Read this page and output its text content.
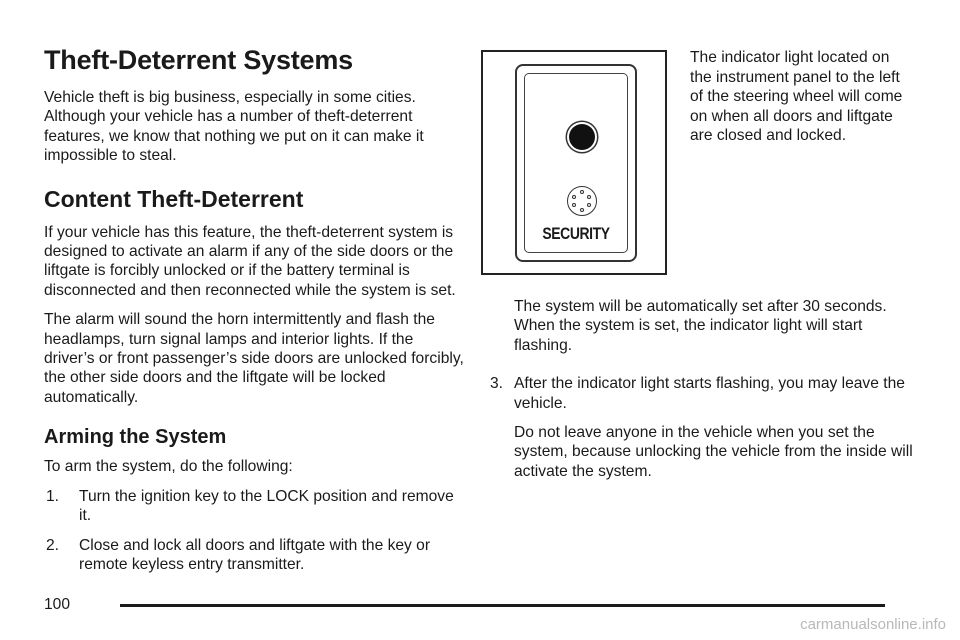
Theft-Deterrent Systems

Vehicle theft is big business, especially in some cities. Although your vehicle has a number of theft-deterrent features, we know that nothing we put on it can make it impossible to steal.

Content Theft-Deterrent

If your vehicle has this feature, the theft-deterrent system is designed to activate an alarm if any of the side doors or the liftgate is forcibly unlocked or if the battery terminal is disconnected and then reconnected while the system is set.

The alarm will sound the horn intermittently and flash the headlamps, turn signal lamps and interior lights. If the driver’s or front passenger’s side doors are unlocked forcibly, the other side doors and the liftgate will be locked automatically.

Arming the System

To arm the system, do the following:

1.	Turn the ignition key to the LOCK position and remove it.
2.	Close and lock all doors and liftgate with the key or remote keyless entry transmitter.
SECURITY

The indicator light located on the instrument panel to the left of the steering wheel will come on when all doors and liftgate are closed and locked.

The system will be automatically set after 30 seconds. When the system is set, the indicator light will start flashing.

3. After the indicator light starts flashing, you may leave the vehicle.

Do not leave anyone in the vehicle when you set the system, because unlocking the vehicle from the inside will activate the system.

100
carmanualsonline.info
